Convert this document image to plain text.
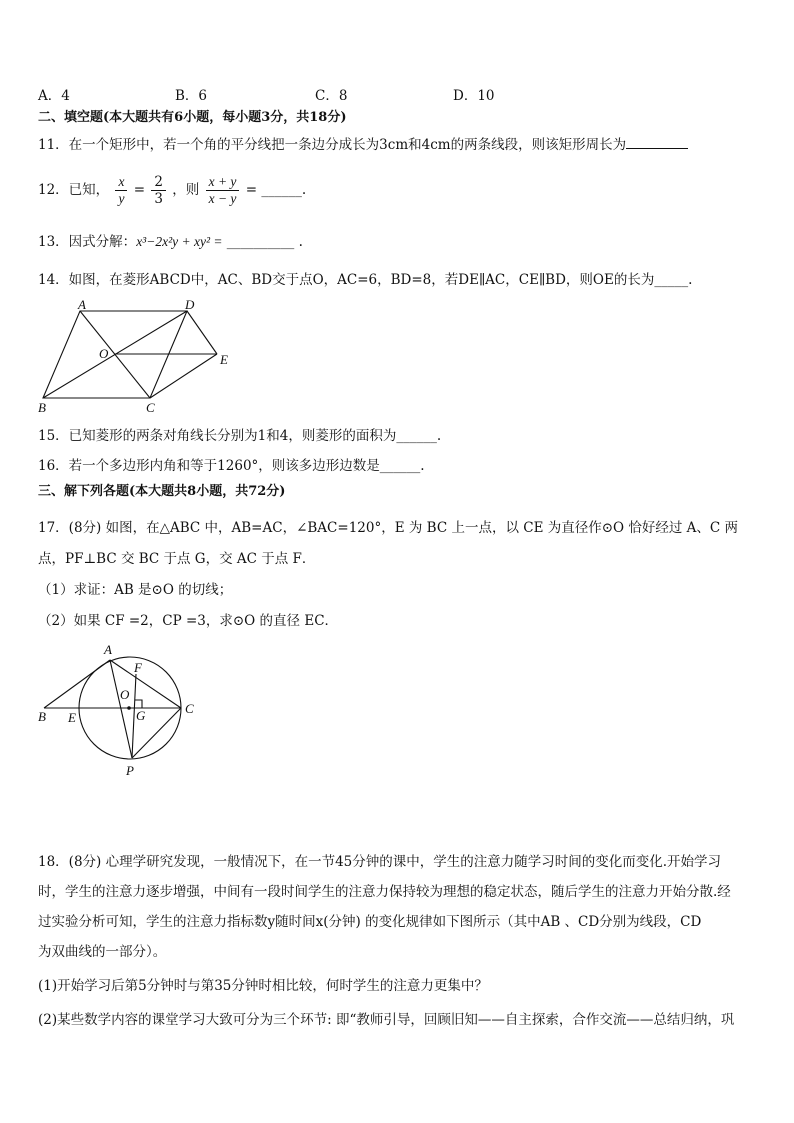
A．4	B．6	C．8	D．10
二、填空题(本大题共有6小题，每小题3分，共18分)
11．在一个矩形中，若一个角的平分线把一条边分成长为3cm和4cm的两条线段，则该矩形周长为
12．已知， $\frac{x}{y} = \frac{2}{3}$ ，则 $\frac{x + y}{x - y}$ = ______.
13．因式分解：x³−2x²y + xy² = __________ .
14．如图，在菱形ABCD中，AC、BD交于点O，AC=6，BD=8，若DE∥AC，CE∥BD，则OE的长为_____.
A	D
O	E
B	C
15．已知菱形的两条对角线长分别为1和4，则菱形的面积为______.
16．若一个多边形内角和等于1260°，则该多边形边数是______.
三、解下列各题(本大题共8小题，共72分)
17．(8分) 如图，在△ABC 中，AB=AC，∠BAC=120°，E 为 BC 上一点，以 CE 为直径作⊙O 恰好经过 A、C 两
点，PF⊥BC 交 BC 于点 G，交 AC 于点 F．
（1）求证：AB 是⊙O 的切线；
（2）如果 CF =2，CP =3，求⊙O 的直径 EC．
A
F
O
G
B E
C
P
18．(8分) 心理学研究发现，一般情况下，在一节45分钟的课中，学生的注意力随学习时间的变化而变化.开始学习
时，学生的注意力逐步增强，中间有一段时间学生的注意力保持较为理想的稳定状态，随后学生的注意力开始分散.经
过实验分析可知，学生的注意力指标数y随时间x(分钟) 的变化规律如下图所示（其中AB 、CD分别为线段，CD
为双曲线的一部分）。
(1)开始学习后第5分钟时与第35分钟时相比较，何时学生的注意力更集中？
(2)某些数学内容的课堂学习大致可分为三个环节: 即“教师引导，回顾旧知——自主探索，合作交流——总结归纳，巩
